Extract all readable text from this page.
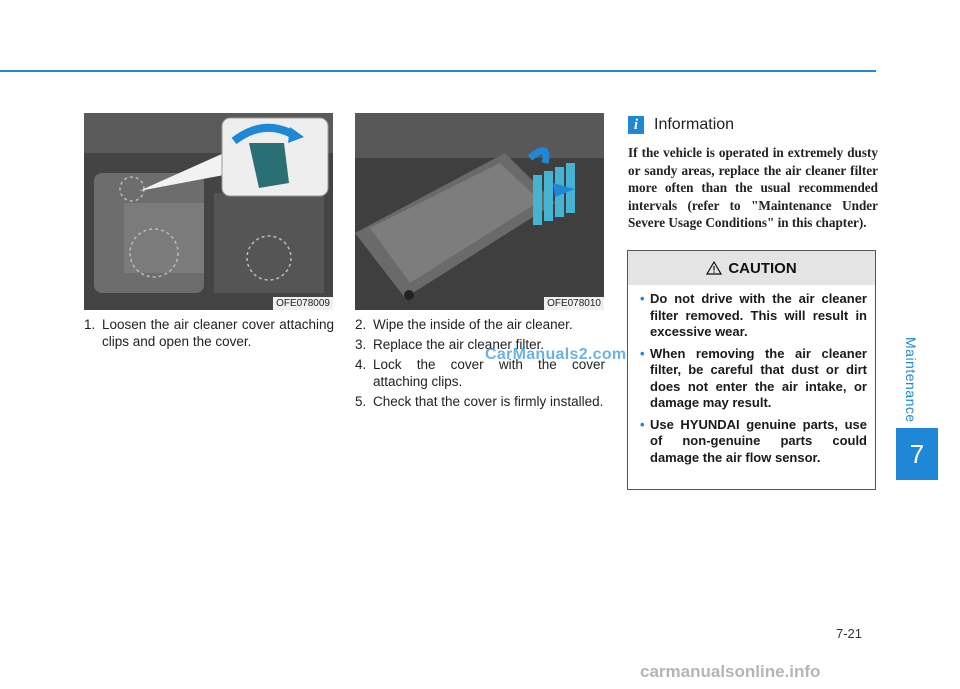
Maintenance
7
OFE078009	OFE078010
1. Loosen the air cleaner cover attaching clips and open the cover.
2. Wipe the inside of the air cleaner.
3. Replace the air cleaner filter.
4. Lock the cover with the cover attaching clips.
5. Check that the cover is firmly installed.
CarManuals2.com
i Information
If the vehicle is operated in extremely dusty or sandy areas, replace the air cleaner filter more often than the usual recommended intervals (refer to "Maintenance Under Severe Usage Conditions" in this chapter).
CAUTION
• Do not drive with the air cleaner filter removed. This will result in excessive wear.
• When removing the air cleaner filter, be careful that dust or dirt does not enter the air intake, or damage may result.
• Use HYUNDAI genuine parts, use of non-genuine parts could damage the air flow sensor.
7-21
carmanualsonline.info
